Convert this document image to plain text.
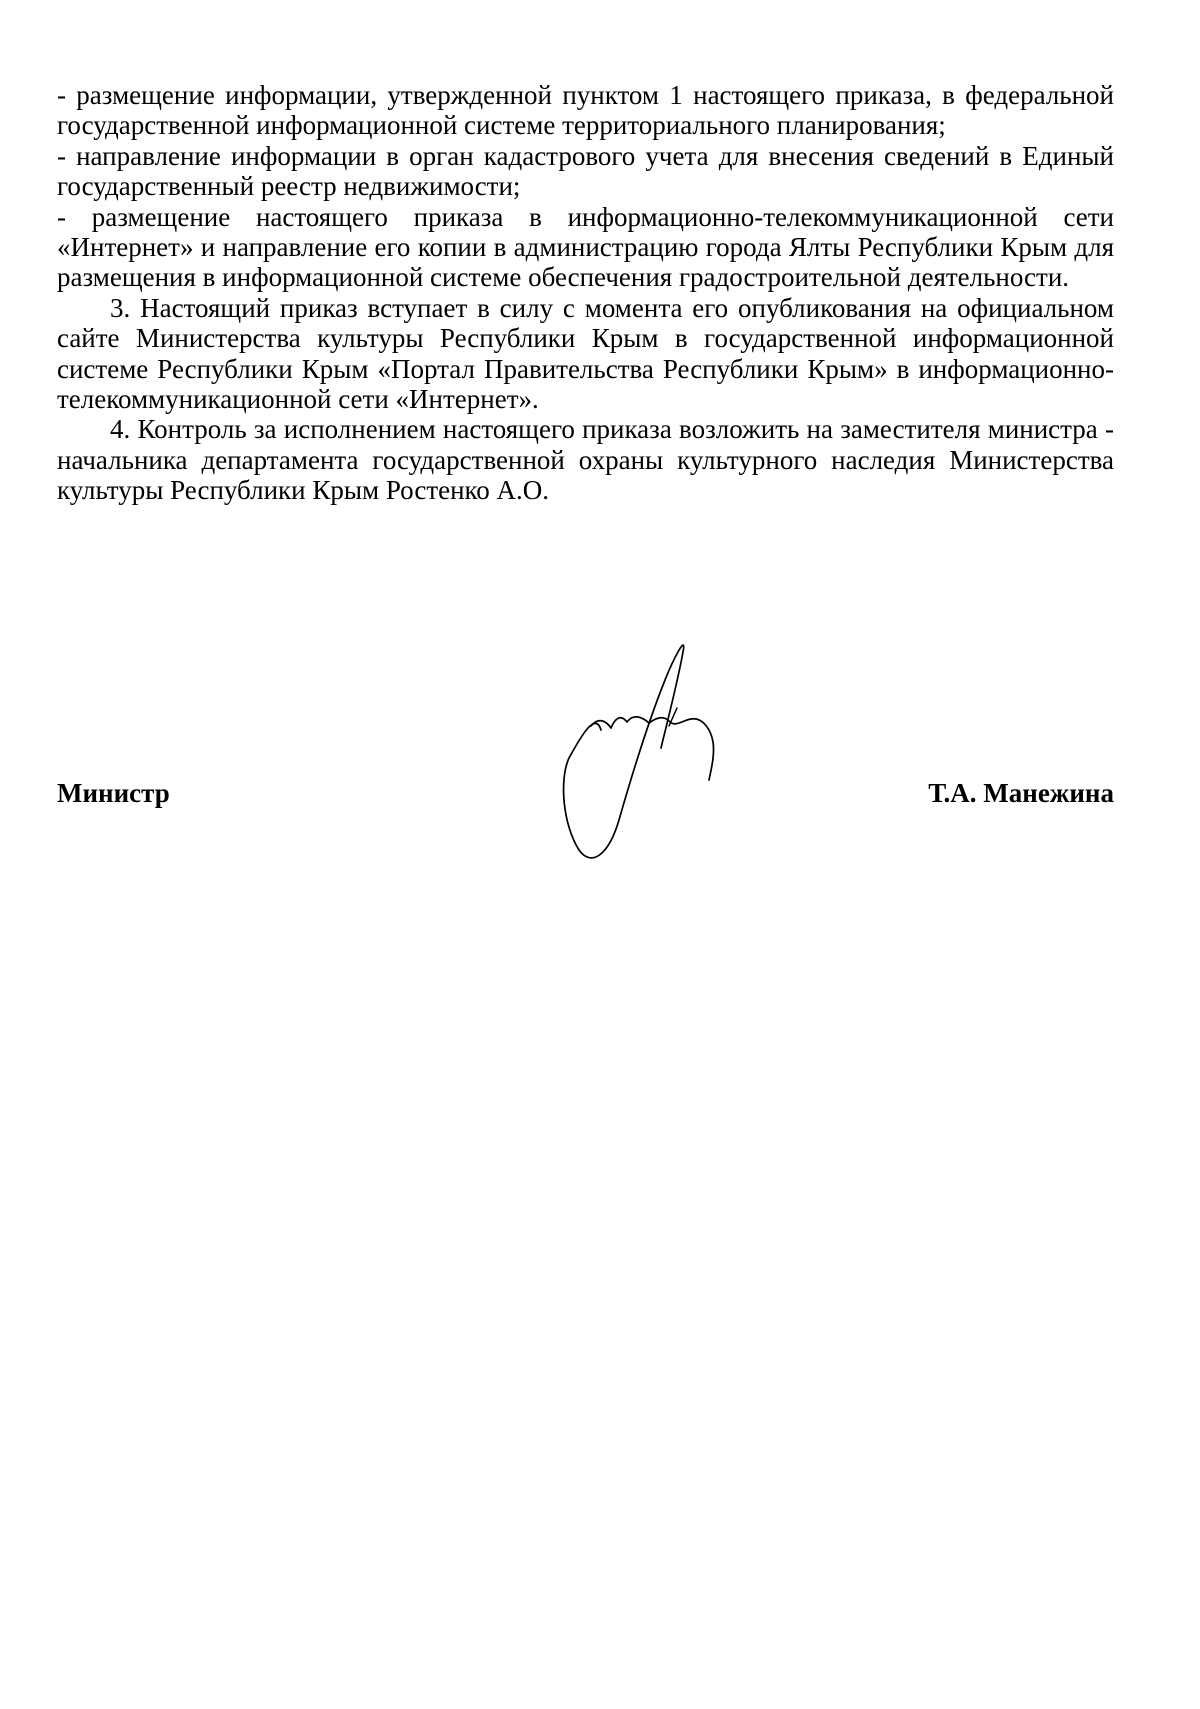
- размещение информации, утвержденной пунктом 1 настоящего приказа, в федеральной государственной информационной системе территориального планирования;

- направление информации в орган кадастрового учета для внесения сведений в Единый государственный реестр недвижимости;

- размещение настоящего приказа в информационно-телекоммуникационной сети «Интернет» и направление его копии в администрацию города Ялты Республики Крым для размещения в информационной системе обеспечения градостроительной деятельности.

3. Настоящий приказ вступает в силу с момента его опубликования на официальном сайте Министерства культуры Республики Крым в государственной информационной системе Республики Крым «Портал Правительства Республики Крым» в информационно-телекоммуникационной сети «Интернет».

4. Контроль за исполнением настоящего приказа возложить на заместителя министра - начальника департамента государственной охраны культурного наследия Министерства культуры Республики Крым Ростенко А.О.

Министр	Т.А. Манежина
